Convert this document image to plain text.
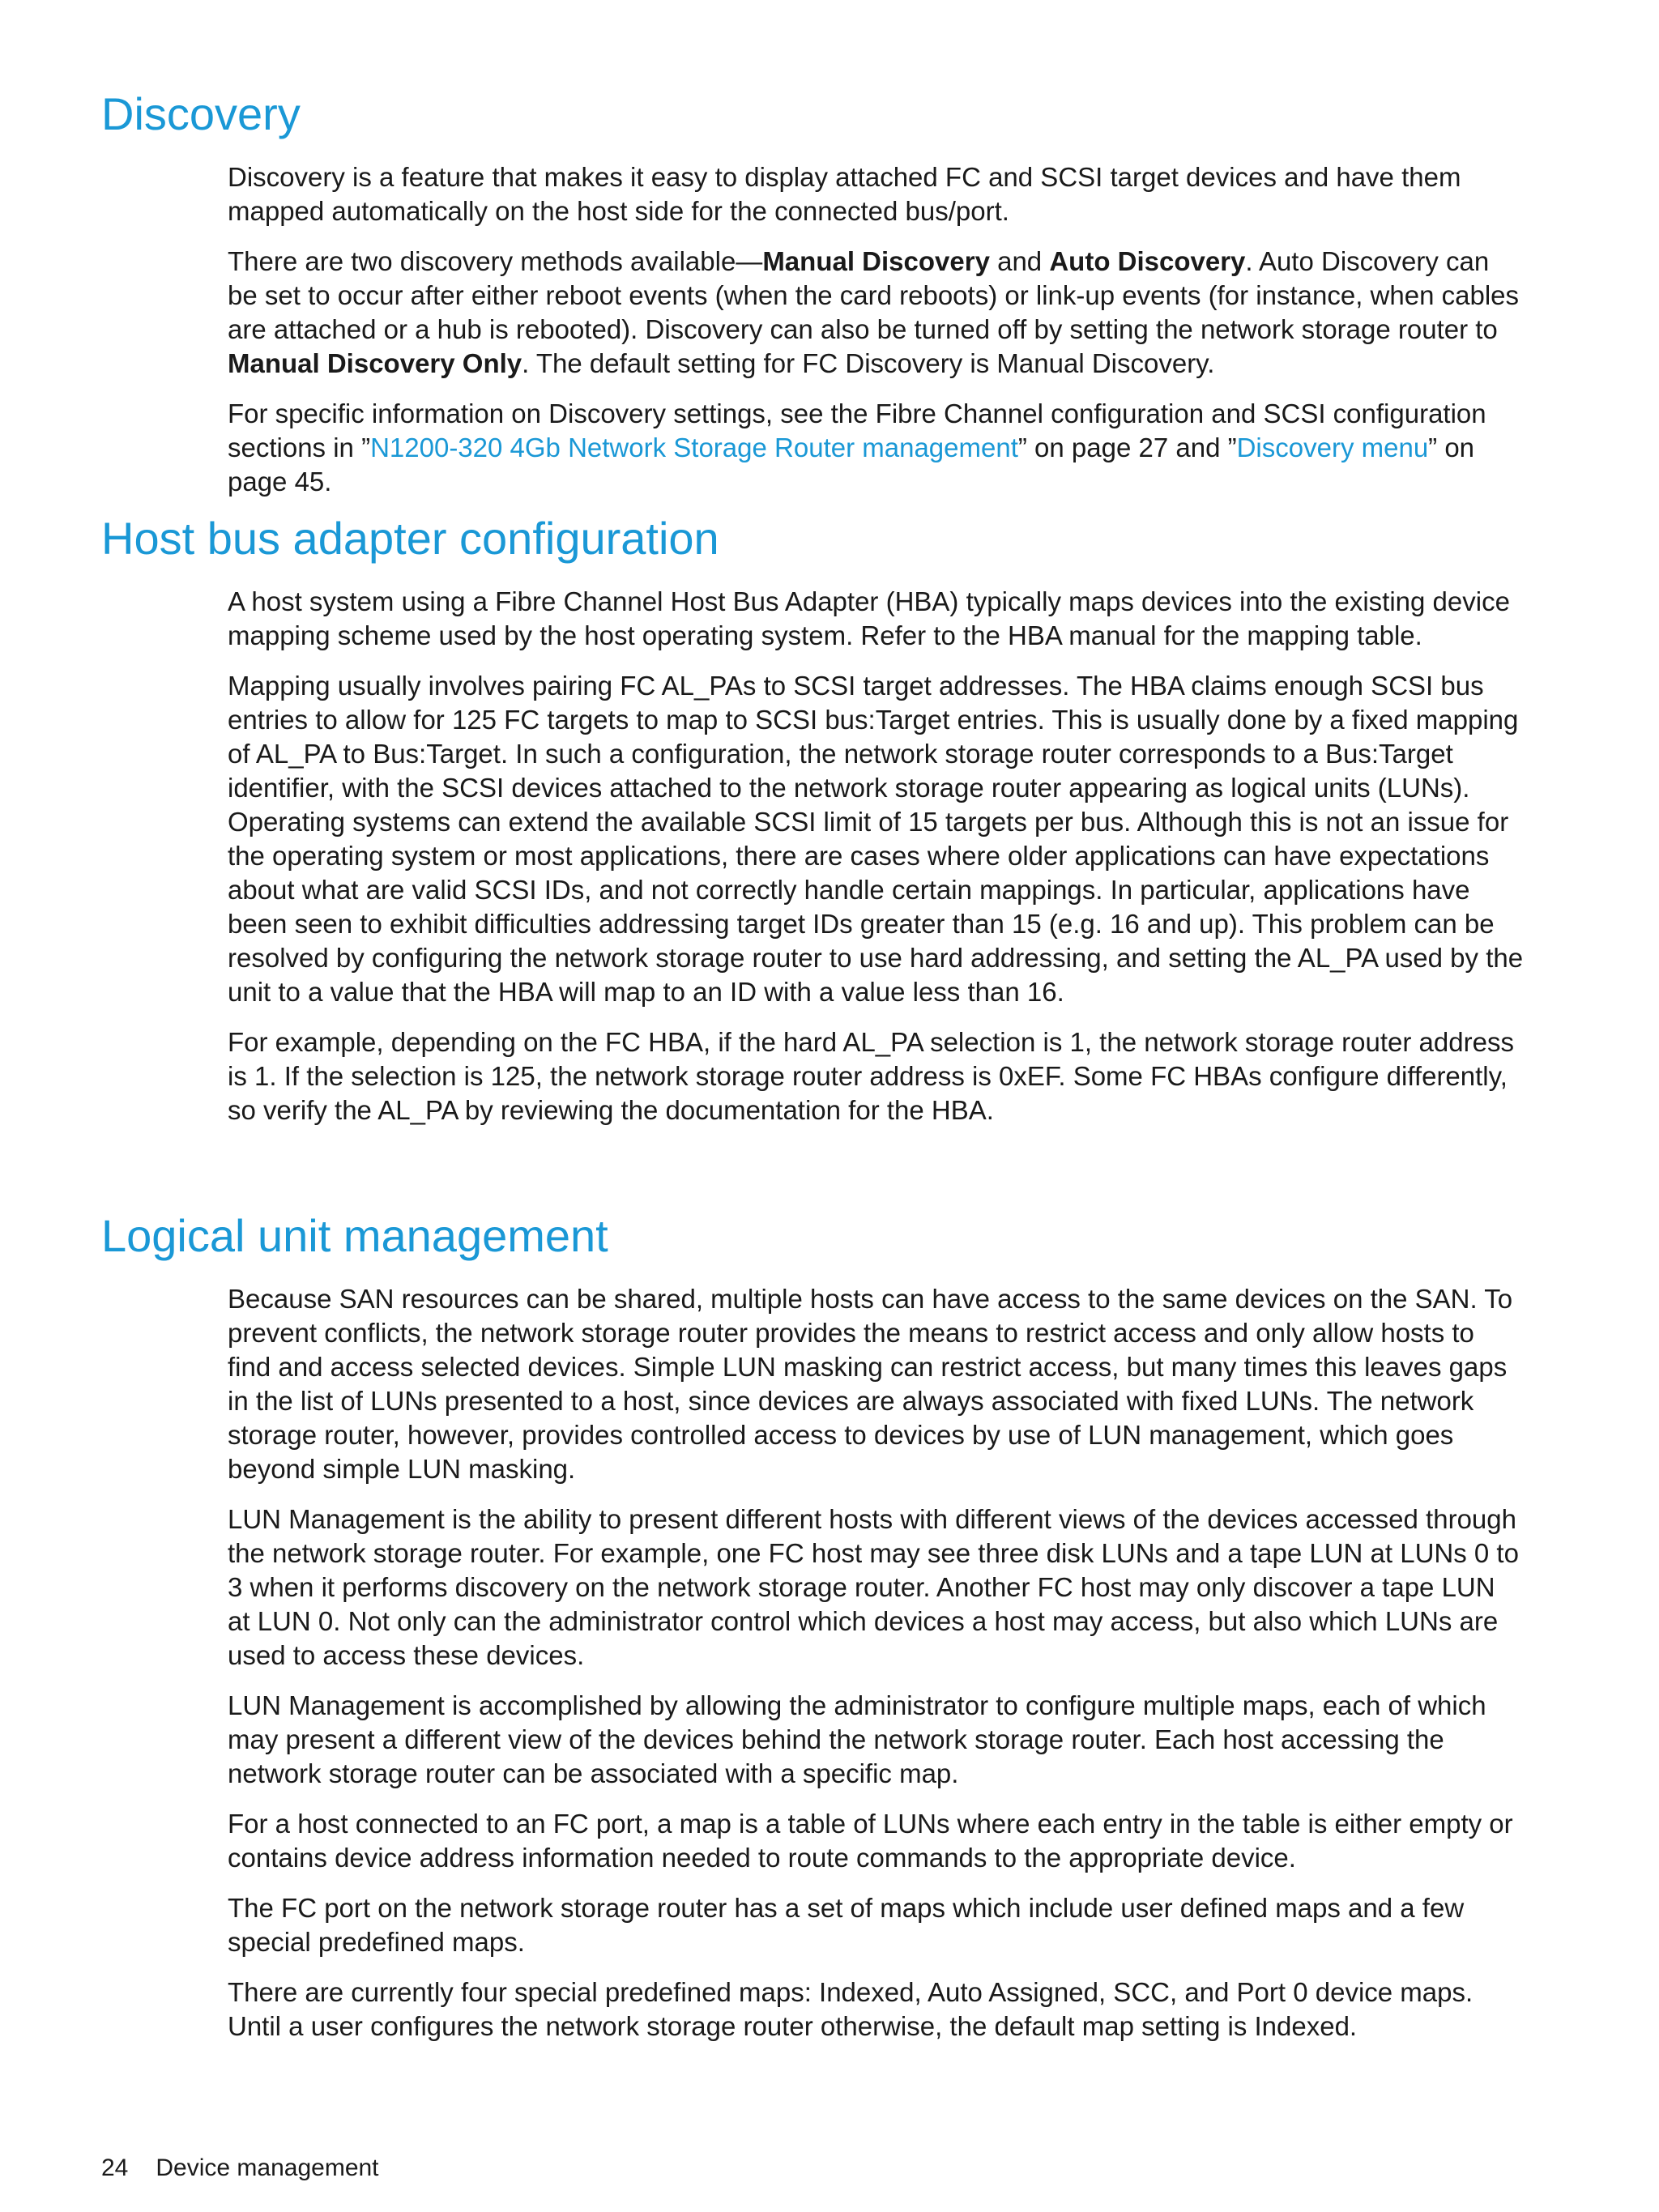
Discovery

Discovery is a feature that makes it easy to display attached FC and SCSI target devices and have them mapped automatically on the host side for the connected bus/port.

There are two discovery methods available—Manual Discovery and Auto Discovery. Auto Discovery can be set to occur after either reboot events (when the card reboots) or link-up events (for instance, when cables are attached or a hub is rebooted). Discovery can also be turned off by setting the network storage router to Manual Discovery Only. The default setting for FC Discovery is Manual Discovery.

For specific information on Discovery settings, see the Fibre Channel configuration and SCSI configuration sections in ”N1200-320 4Gb Network Storage Router management” on page 27 and ”Discovery menu” on page 45.

Host bus adapter configuration

A host system using a Fibre Channel Host Bus Adapter (HBA) typically maps devices into the existing device mapping scheme used by the host operating system. Refer to the HBA manual for the mapping table.

Mapping usually involves pairing FC AL_PAs to SCSI target addresses. The HBA claims enough SCSI bus entries to allow for 125 FC targets to map to SCSI bus:Target entries. This is usually done by a fixed mapping of AL_PA to Bus:Target. In such a configuration, the network storage router corresponds to a Bus:Target identifier, with the SCSI devices attached to the network storage router appearing as logical units (LUNs). Operating systems can extend the available SCSI limit of 15 targets per bus. Although this is not an issue for the operating system or most applications, there are cases where older applications can have expectations about what are valid SCSI IDs, and not correctly handle certain mappings. In particular, applications have been seen to exhibit difficulties addressing target IDs greater than 15 (e.g. 16 and up). This problem can be resolved by configuring the network storage router to use hard addressing, and setting the AL_PA used by the unit to a value that the HBA will map to an ID with a value less than 16.

For example, depending on the FC HBA, if the hard AL_PA selection is 1, the network storage router address is 1. If the selection is 125, the network storage router address is 0xEF. Some FC HBAs configure differently, so verify the AL_PA by reviewing the documentation for the HBA.

Logical unit management

Because SAN resources can be shared, multiple hosts can have access to the same devices on the SAN. To prevent conflicts, the network storage router provides the means to restrict access and only allow hosts to find and access selected devices. Simple LUN masking can restrict access, but many times this leaves gaps in the list of LUNs presented to a host, since devices are always associated with fixed LUNs. The network storage router, however, provides controlled access to devices by use of LUN management, which goes beyond simple LUN masking.

LUN Management is the ability to present different hosts with different views of the devices accessed through the network storage router. For example, one FC host may see three disk LUNs and a tape LUN at LUNs 0 to 3 when it performs discovery on the network storage router. Another FC host may only discover a tape LUN at LUN 0. Not only can the administrator control which devices a host may access, but also which LUNs are used to access these devices.

LUN Management is accomplished by allowing the administrator to configure multiple maps, each of which may present a different view of the devices behind the network storage router. Each host accessing the network storage router can be associated with a specific map.

For a host connected to an FC port, a map is a table of LUNs where each entry in the table is either empty or contains device address information needed to route commands to the appropriate device.

The FC port on the network storage router has a set of maps which include user defined maps and a few special predefined maps.

There are currently four special predefined maps: Indexed, Auto Assigned, SCC, and Port 0 device maps. Until a user configures the network storage router otherwise, the default map setting is Indexed.

24 Device management
